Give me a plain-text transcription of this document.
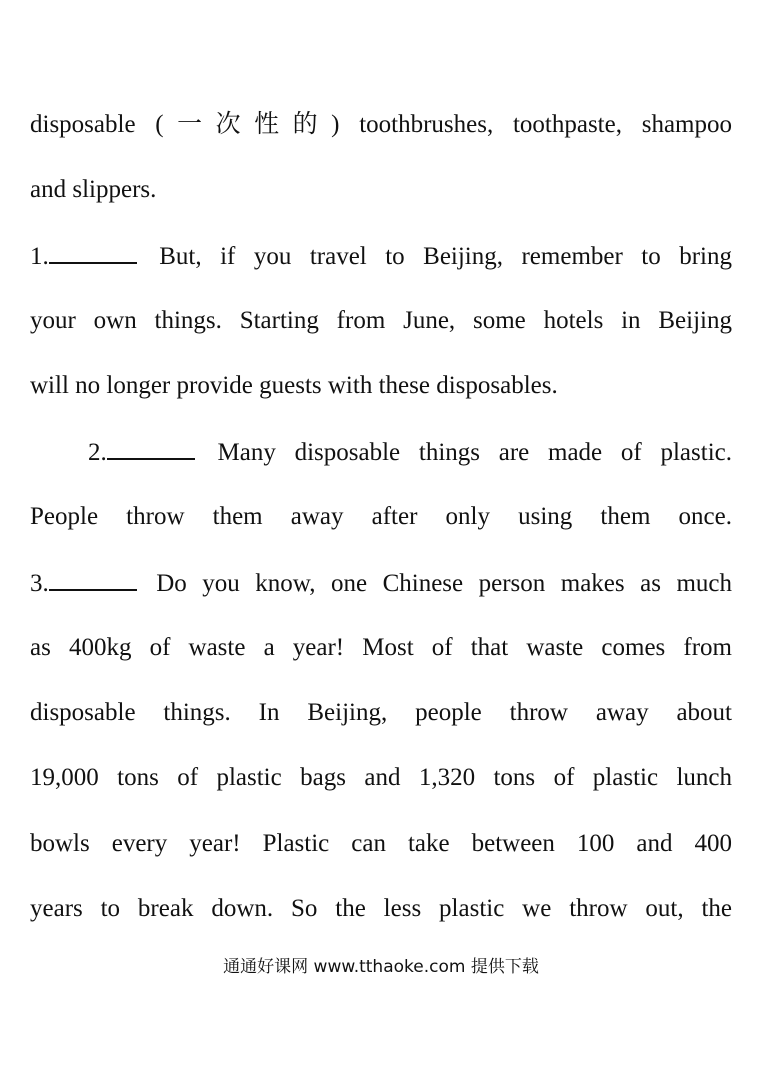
disposable (一次性的) toothbrushes, toothpaste, shampoo
and slippers.
1.	But, if you travel to Beijing, remember to bring
your own things. Starting from June, some hotels in Beijing
will no longer provide guests with these disposables.
2.	Many disposable things are made of plastic.
People throw them away after only using them once.
3.	Do you know, one Chinese person makes as much
as 400kg of waste a year! Most of that waste comes from
disposable things. In Beijing, people throw away about
19,000 tons of plastic bags and 1,320 tons of plastic lunch
bowls every year! Plastic can take between 100 and 400
years to break down. So the less plastic we throw out, the
通通好课网 www.tthaoke.com 提供下载
